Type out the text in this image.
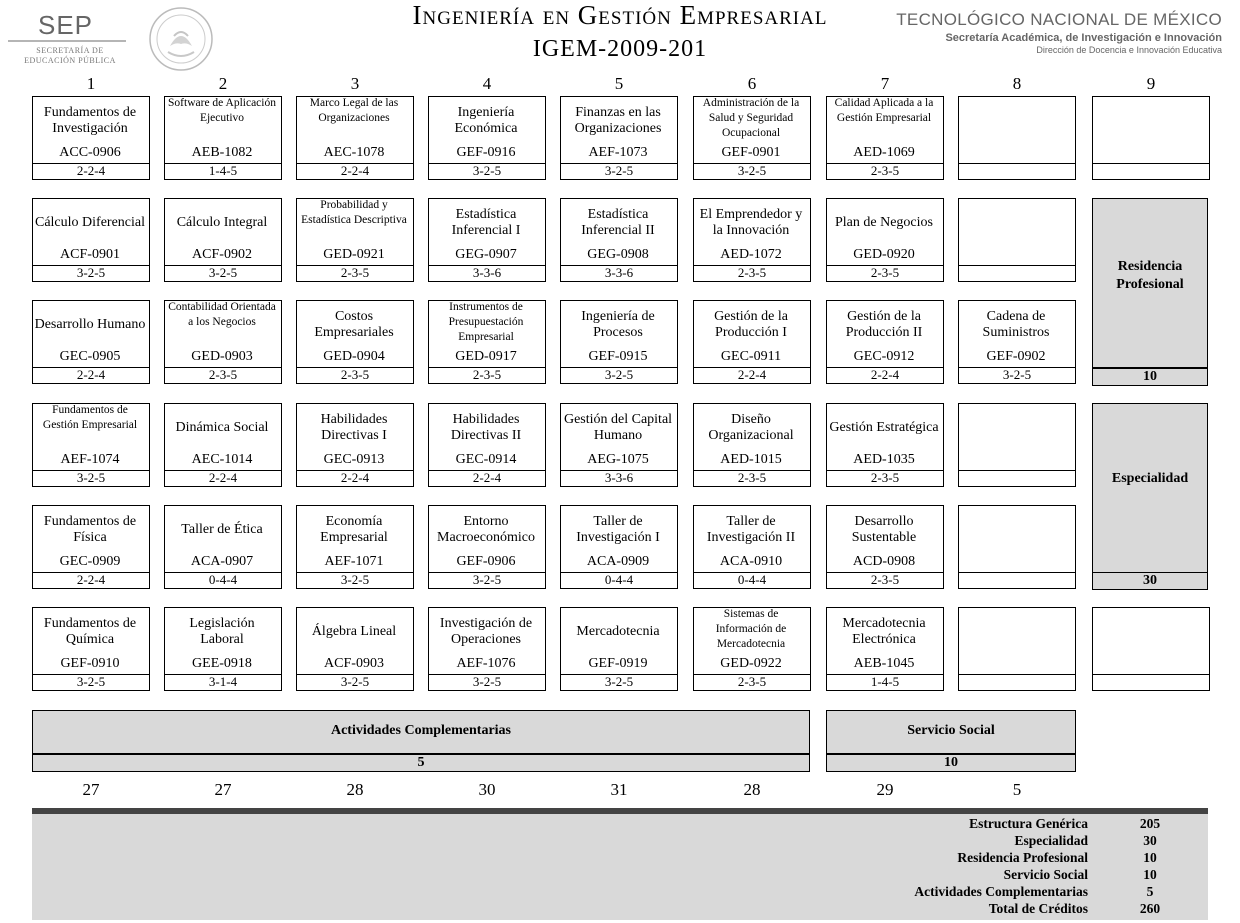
SEP
SECRETARÍA DE EDUCACIÓN PÚBLICA
Ingeniería en Gestión Empresarial
IGEM-2009-201
TECNOLÓGICO NACIONAL DE MÉXICO
Secretaría Académica, de Investigación e Innovación
Dirección de Docencia e Innovación Educativa
1	2	3	4	5	6	7	8	9
Fundamentos de Investigación
ACC-0906
2-2-4
Software de Aplicación Ejecutivo
AEB-1082
1-4-5
Marco Legal de las Organizaciones
AEC-1078
2-2-4
Ingeniería Económica
GEF-0916
3-2-5
Finanzas en las Organizaciones
AEF-1073
3-2-5
Administración de la Salud y Seguridad Ocupacional
GEF-0901
3-2-5
Calidad Aplicada a la Gestión Empresarial
AED-1069
2-3-5
Cálculo Diferencial
ACF-0901
3-2-5
Cálculo Integral
ACF-0902
3-2-5
Probabilidad y Estadística Descriptiva
GED-0921
2-3-5
Estadística Inferencial I
GEG-0907
3-3-6
Estadística Inferencial II
GEG-0908
3-3-6
El Emprendedor y la Innovación
AED-1072
2-3-5
Plan de Negocios
GED-0920
2-3-5
Desarrollo Humano
GEC-0905
2-2-4
Contabilidad Orientada a los Negocios
GED-0903
2-3-5
Costos Empresariales
GED-0904
2-3-5
Instrumentos de Presupuestación Empresarial
GED-0917
2-3-5
Ingeniería de Procesos
GEF-0915
3-2-5
Gestión de la Producción I
GEC-0911
2-2-4
Gestión de la Producción II
GEC-0912
2-2-4
Cadena de Suministros
GEF-0902
3-2-5
Fundamentos de Gestión Empresarial
AEF-1074
3-2-5
Dinámica Social
AEC-1014
2-2-4
Habilidades Directivas I
GEC-0913
2-2-4
Habilidades Directivas II
GEC-0914
2-2-4
Gestión del Capital Humano
AEG-1075
3-3-6
Diseño Organizacional
AED-1015
2-3-5
Gestión Estratégica
AED-1035
2-3-5
Fundamentos de Física
GEC-0909
2-2-4
Taller de Ética
ACA-0907
0-4-4
Economía Empresarial
AEF-1071
3-2-5
Entorno Macroeconómico
GEF-0906
3-2-5
Taller de Investigación I
ACA-0909
0-4-4
Taller de Investigación II
ACA-0910
0-4-4
Desarrollo Sustentable
ACD-0908
2-3-5
Fundamentos de Química
GEF-0910
3-2-5
Legislación Laboral
GEE-0918
3-1-4
Álgebra Lineal
ACF-0903
3-2-5
Investigación de Operaciones
AEF-1076
3-2-5
Mercadotecnia
GEF-0919
3-2-5
Sistemas de Información de Mercadotecnia
GED-0922
2-3-5
Mercadotecnia Electrónica
AEB-1045
1-4-5
Residencia Profesional
10
Especialidad
30
Actividades Complementarias
5
Servicio Social
10
27	27	28	30	31	28	29	5
Estructura Genérica	205
Especialidad	30
Residencia Profesional	10
Servicio Social	10
Actividades Complementarias	5
Total de Créditos	260
